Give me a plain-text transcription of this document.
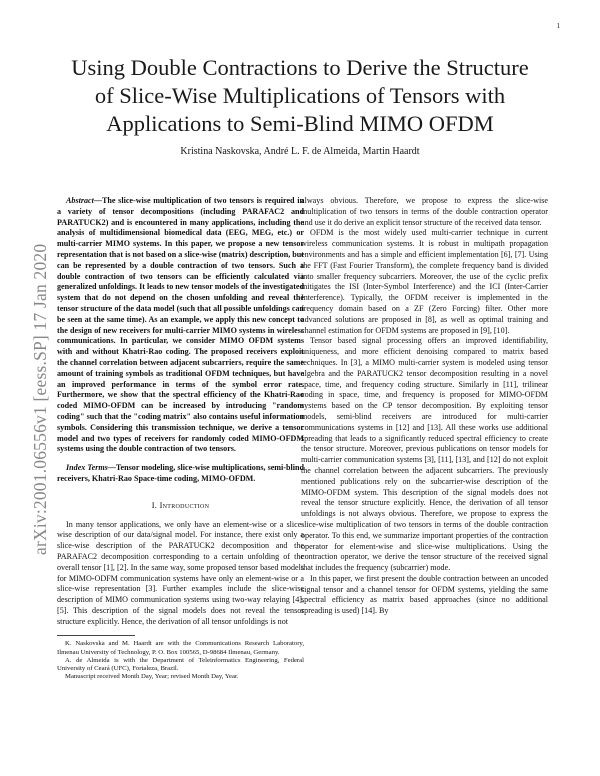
1
arXiv:2001.06556v1 [eess.SP] 17 Jan 2020
Using Double Contractions to Derive the Structure of Slice-Wise Multiplications of Tensors with Applications to Semi-Blind MIMO OFDM
Kristina Naskovska, André L. F. de Almeida, Martin Haardt

Abstract—The slice-wise multiplication of two tensors is required in a variety of tensor decompositions (including PARAFAC2 and PARATUCK2) and is encountered in many applications, including the analysis of multidimensional biomedical data (EEG, MEG, etc.) or multi-carrier MIMO systems. In this paper, we propose a new tensor representation that is not based on a slice-wise (matrix) description, but can be represented by a double contraction of two tensors. Such a double contraction of two tensors can be efficiently calculated via generalized unfoldings. It leads to new tensor models of the investigated system that do not depend on the chosen unfolding and reveal the tensor structure of the data model (such that all possible unfoldings can be seen at the same time). As an example, we apply this new concept to the design of new receivers for multi-carrier MIMO systems in wireless communications. In particular, we consider MIMO OFDM systems with and without Khatri-Rao coding. The proposed receivers exploit the channel correlation between adjacent subcarriers, require the same amount of training symbols as traditional OFDM techniques, but have an improved performance in terms of the symbol error rate. Furthermore, we show that the spectral efficiency of the Khatri-Rao coded MIMO-OFDM can be increased by introducing "random coding" such that the "coding matrix" also contains useful information symbols. Considering this transmission technique, we derive a tensor model and two types of receivers for randomly coded MIMO-OFDM systems using the double contraction of two tensors.

Index Terms—Tensor modeling, slice-wise multiplications, semi-blind receivers, Khatri-Rao Space-time coding, MIMO-OFDM.

I. Introduction

In many tensor applications, we only have an element-wise or a slice-wise description of our data/signal model. For instance, there exist only a slice-wise description of the PARATUCK2 decomposition and the PARAFAC2 decomposition corresponding to a certain unfolding of the overall tensor [1], [2]. In the same way, some proposed tensor based models for MIMO-ODFM communication systems have only an element-wise or a slice-wise representation [3]. Further examples include the slice-wise description of MIMO communication systems using two-way relaying [4], [5]. This description of the signal models does not reveal the tensor structure explicitly. Hence, the derivation of all tensor unfoldings is not

K. Naskovska and M. Haardt are with the Communications Research Laboratory, Ilmenau University of Technology, P. O. Box 100565, D-98684 Ilmenau, Germany.

A. de Almeida is with the Department of Teleinformatics Engineering, Federal University of Ceará (UFC), Fortaleza, Brazil.

Manuscript received Month Day, Year; revised Month Day, Year.

always obvious. Therefore, we propose to express the slice-wise multiplication of two tensors in terms of the double contraction operator and use it do derive an explicit tensor structure of the received data tensor.

OFDM is the most widely used multi-carrier technique in current wireless communication systems. It is robust in multipath propagation environments and has a simple and efficient implementation [6], [7]. Using the FFT (Fast Fourier Transform), the complete frequency band is divided into smaller frequency subcarriers. Moreover, the use of the cyclic prefix mitigates the ISI (Inter-Symbol Interference) and the ICI (Inter-Carrier Interference). Typically, the OFDM receiver is implemented in the frequency domain based on a ZF (Zero Forcing) filter. Other more advanced solutions are proposed in [8], as well as optimal training and channel estimation for OFDM systems are proposed in [9], [10].

Tensor based signal processing offers an improved identifiability, uniqueness, and more efficient denoising compared to matrix based techniques. In [3], a MIMO multi-carrier system is modeled using tensor algebra and the PARATUCK2 tensor decomposition resulting in a novel space, time, and frequency coding structure. Similarly in [11], trilinear coding in space, time, and frequency is proposed for MIMO-OFDM systems based on the CP tensor decomposition. By exploiting tensor models, semi-blind receivers are introduced for multi-carrier communications systems in [12] and [13]. All these works use additional spreading that leads to a significantly reduced spectral efficiency to create the tensor structure. Moreover, previous publications on tensor models for multi-carrier communication systems [3], [11], [13], and [12] do not exploit the channel correlation between the adjacent subcarriers. The previously mentioned publications rely on the subcarrier-wise description of the MIMO-OFDM system. This description of the signal models does not reveal the tensor structure explicitly. Hence, the derivation of all tensor unfoldings is not always obvious. Therefore, we propose to express the slice-wise multiplication of two tensors in terms of the double contraction operator. To this end, we summarize important properties of the contraction operator for element-wise and slice-wise multiplications. Using the contraction operator, we derive the tensor structure of the received signal that includes the frequency (subcarrier) mode.

In this paper, we first present the double contraction between an uncoded signal tensor and a channel tensor for OFDM systems, yielding the same spectral efficiency as matrix based approaches (since no additional spreading is used) [14]. By
